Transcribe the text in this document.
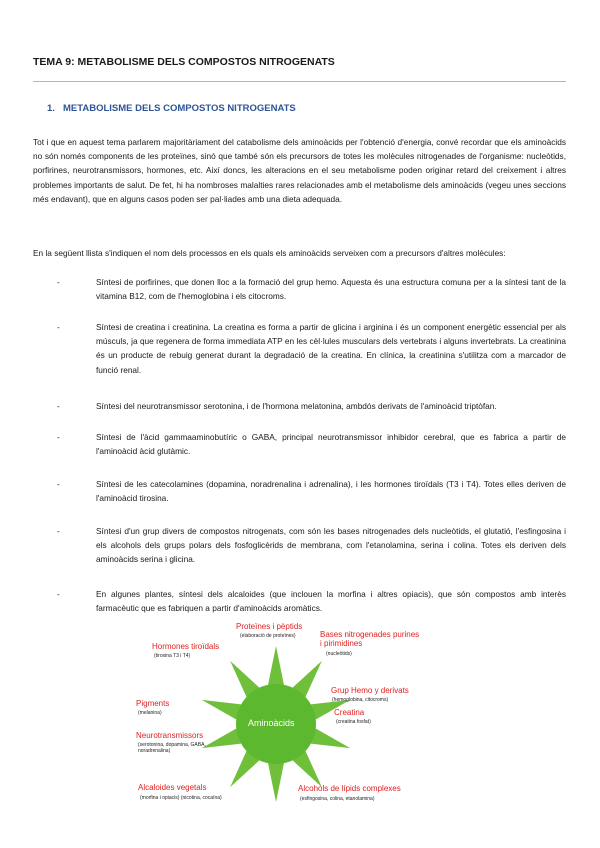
TEMA 9: METABOLISME DELS COMPOSTOS NITROGENATS
1. METABOLISME DELS COMPOSTOS NITROGENATS
Tot i que en aquest tema parlarem majoritàriament del catabolisme dels aminoàcids per l'obtenció d'energia, convé recordar que els aminoàcids no són només components de les proteïnes, sinó que també són els precursors de totes les molècules nitrogenades de l'organisme: nucleòtids, porfirines, neurotransmissors, hormones, etc. Així doncs, les alteracions en el seu metabolisme poden originar retard del creixement i altres problemes importants de salut. De fet, hi ha nombroses malalties rares relacionades amb el metabolisme dels aminoàcids (vegeu unes seccions més endavant), que en alguns casos poden ser pal·liades amb una dieta adequada.
En la següent llista s'indiquen el nom dels processos en els quals els aminoàcids serveixen com a precursors d'altres molècules:
-	Síntesi de porfirines, que donen lloc a la formació del grup hemo. Aquesta és una estructura comuna per a la síntesi tant de la vitamina B12, com de l'hemoglobina i els citocroms.
-	Síntesi de creatina i creatinina. La creatina es forma a partir de glicina i arginina i és un component energètic essencial per als músculs, ja que regenera de forma immediata ATP en les cèl·lules musculars dels vertebrats i alguns invertebrats. La creatinina és un producte de rebuig generat durant la degradació de la creatina. En clínica, la creatinina s'utilitza com a marcador de funció renal.
-	Síntesi del neurotransmissor serotonina, i de l'hormona melatonina, ambdós derivats de l'aminoàcid triptòfan.
-	Síntesi de l'àcid gammaaminobutíric o GABA, principal neurotransmissor inhibidor cerebral, que es fabrica a partir de l'aminoàcid àcid glutàmic.
-	Síntesi de les catecolamines (dopamina, noradrenalina i adrenalina), i les hormones tiroïdals (T3 i T4). Totes elles deriven de l'aminoàcid tirosina.
-	Síntesi d'un grup divers de compostos nitrogenats, com són les bases nitrogenades dels nucleòtids, el glutatió, l'esfingosina i els alcohols dels grups polars dels fosfoglicèrids de membrana, com l'etanolamina, serina i colina. Totes els deriven dels aminoàcids serina i glicina.
-	En algunes plantes, síntesi dels alcaloides (que inclouen la morfina i altres opiacis), que són compostos amb interès farmacèutic que es fabriquen a partir d'aminoàcids aromàtics.
Aminoàcids
Proteïnes i pèptids
(elaboració de proteïnes)	Bases nitrogenades purines i pirimidines
(nucleòtids)
Grup Hemo y derivats
(hemoglobina, citocroms)
Creatina
(creatina fosfat)
Alcohols de lípids complexes
(esfingosina, colina, etanolamina)
Alcaloides vegetals
(morfina i opiacis) (nicotina, cocaïna)
Neurotransmissors
(serotonina, dopamina, GABA, noradrenalina)
Pigments
(melanina)
Hormones tiroïdals
(tiroxina T3 i T4)
